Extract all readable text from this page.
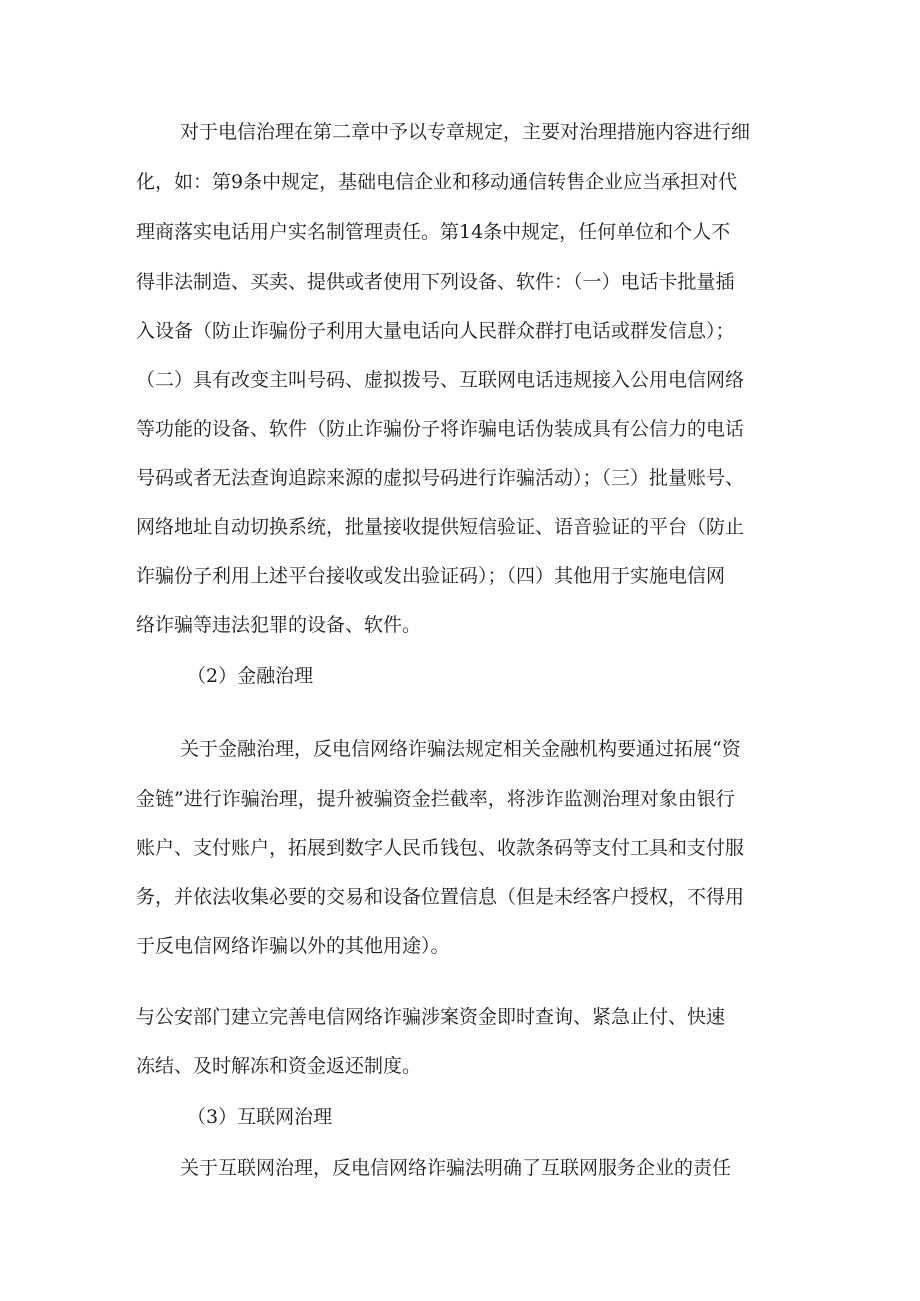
对于电信治理在第二章中予以专章规定，主要对治理措施内容进行细

化，如：第9条中规定，基础电信企业和移动通信转售企业应当承担对代

理商落实电话用户实名制管理责任。第14条中规定，任何单位和个人不

得非法制造、买卖、提供或者使用下列设备、软件：（一）电话卡批量插

入设备（防止诈骗份子利用大量电话向人民群众群打电话或群发信息）；

（二）具有改变主叫号码、虚拟拨号、互联网电话违规接入公用电信网络

等功能的设备、软件（防止诈骗份子将诈骗电话伪装成具有公信力的电话

号码或者无法查询追踪来源的虚拟号码进行诈骗活动）；（三）批量账号、

网络地址自动切换系统，批量接收提供短信验证、语音验证的平台（防止

诈骗份子利用上述平台接收或发出验证码）；（四）其他用于实施电信网

络诈骗等违法犯罪的设备、软件。

（2）金融治理

关于金融治理，反电信网络诈骗法规定相关金融机构要通过拓展“资

金链”进行诈骗治理，提升被骗资金拦截率，将涉诈监测治理对象由银行

账户、支付账户，拓展到数字人民币钱包、收款条码等支付工具和支付服

务，并依法收集必要的交易和设备位置信息（但是未经客户授权，不得用

于反电信网络诈骗以外的其他用途）。

与公安部门建立完善电信网络诈骗涉案资金即时查询、紧急止付、快速

冻结、及时解冻和资金返还制度。

（3）互联网治理

关于互联网治理，反电信网络诈骗法明确了互联网服务企业的责任
